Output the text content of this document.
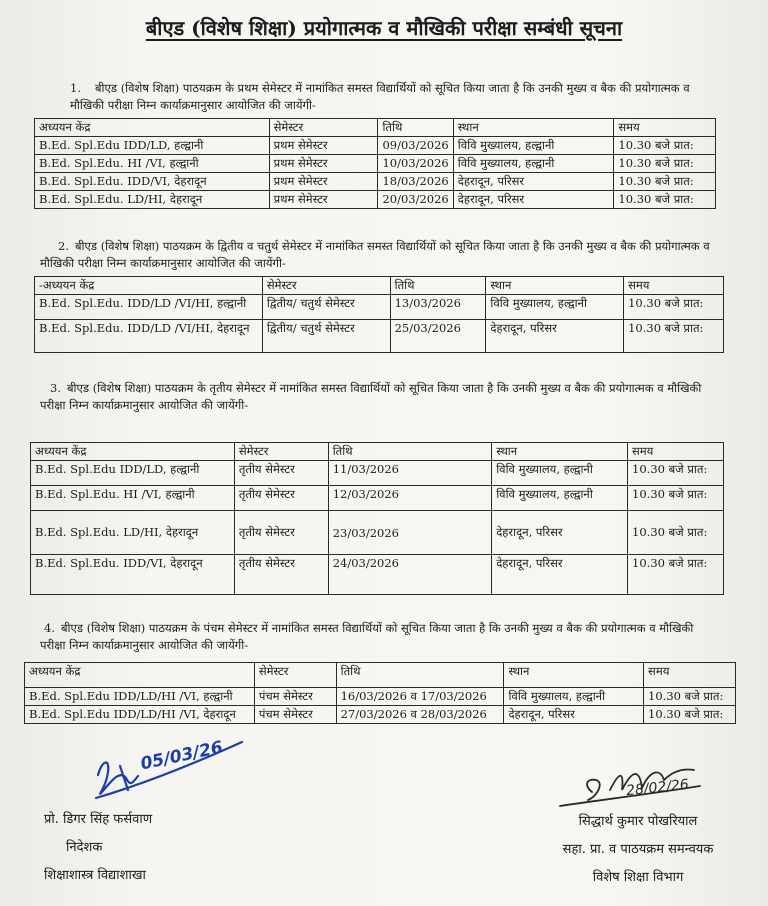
बीएड (विशेष शिक्षा) प्रयोगात्मक व मौखिकी परीक्षा सम्बंधी सूचना
1. बीएड (विशेष शिक्षा) पाठयक्रम के प्रथम सेमेस्टर में नामांकित समस्त विद्यार्थियों को सूचित किया जाता है कि उनकी मुख्य व बैक की प्रयोगात्मक व मौखिकी परीक्षा निम्न कार्याक्रमानुसार आयोजित की जायेंगी-
अध्ययन केंद्र	सेमेस्टर	तिथि	स्थान	समय
B.Ed. Spl.Edu IDD/LD, हल्द्वानी	प्रथम सेमेस्टर	09/03/2026	विवि मुख्यालय, हल्द्वानी	10.30 बजे प्रात:
B.Ed. Spl.Edu. HI /VI, हल्द्वानी	प्रथम सेमेस्टर	10/03/2026	विवि मुख्यालय, हल्द्वानी	10.30 बजे प्रात:
B.Ed. Spl.Edu. IDD/VI, देहरादून	प्रथम सेमेस्टर	18/03/2026	देहरादून, परिसर	10.30 बजे प्रात:
B.Ed. Spl.Edu. LD/HI, देहरादून	प्रथम सेमेस्टर	20/03/2026	देहरादून, परिसर	10.30 बजे प्रात:
2. बीएड (विशेष शिक्षा) पाठयक्रम के द्वितीय व चतुर्थ सेमेस्टर में नामांकित समस्त विद्यार्थियों को सूचित किया जाता है कि उनकी मुख्य व बैक की प्रयोगात्मक व मौखिकी परीक्षा निम्न कार्याक्रमानुसार आयोजित की जायेंगी-
-अध्ययन केंद्र	सेमेस्टर	तिथि	स्थान	समय
B.Ed. Spl.Edu. IDD/LD /VI/HI, हल्द्वानी	द्वितीय/ चतुर्थ सेमेस्टर	13/03/2026	विवि मुख्यालय, हल्द्वानी	10.30 बजे प्रात:
B.Ed. Spl.Edu. IDD/LD /VI/HI, देहरादून	द्वितीय/ चतुर्थ सेमेस्टर	25/03/2026	देहरादून, परिसर	10.30 बजे प्रात:
3. बीएड (विशेष शिक्षा) पाठयक्रम के तृतीय सेमेस्टर में नामांकित समस्त विद्यार्थियों को सूचित किया जाता है कि उनकी मुख्य व बैक की प्रयोगात्मक व मौखिकी परीक्षा निम्न कार्याक्रमानुसार आयोजित की जायेंगी-
अध्ययन केंद्र	सेमेस्टर	तिथि	स्थान	समय
B.Ed. Spl.Edu IDD/LD, हल्द्वानी	तृतीय सेमेस्टर	11/03/2026	विवि मुख्यालय, हल्द्वानी	10.30 बजे प्रात:
B.Ed. Spl.Edu. HI /VI, हल्द्वानी	तृतीय सेमेस्टर	12/03/2026	विवि मुख्यालय, हल्द्वानी	10.30 बजे प्रात:
B.Ed. Spl.Edu. LD/HI, देहरादून	तृतीय सेमेस्टर	23/03/2026	देहरादून, परिसर	10.30 बजे प्रात:
B.Ed. Spl.Edu. IDD/VI, देहरादून	तृतीय सेमेस्टर	24/03/2026	देहरादून, परिसर	10.30 बजे प्रात:
4. बीएड (विशेष शिक्षा) पाठयक्रम के पंचम सेमेस्टर में नामांकित समस्त विद्यार्थियों को सूचित किया जाता है कि उनकी मुख्य व बैक की प्रयोगात्मक व मौखिकी परीक्षा निम्न कार्याक्रमानुसार आयोजित की जायेंगी-
अध्ययन केंद्र	सेमेस्टर	तिथि	स्थान	समय
B.Ed. Spl.Edu IDD/LD/HI /VI, हल्द्वानी	पंचम सेमेस्टर	16/03/2026 व 17/03/2026	विवि मुख्यालय, हल्द्वानी	10.30 बजे प्रात:
B.Ed. Spl.Edu IDD/LD/HI /VI, देहरादून	पंचम सेमेस्टर	27/03/2026 व 28/03/2026	देहरादून, परिसर	10.30 बजे प्रात:
05/03/26
28/02/26
प्रो. डिगर सिंह फर्सवाण
निदेशक
शिक्षाशास्त्र विद्याशाखा
सिद्धार्थ कुमार पोखरियाल
सहा. प्रा. व पाठयक्रम समन्वयक
विशेष शिक्षा विभाग
